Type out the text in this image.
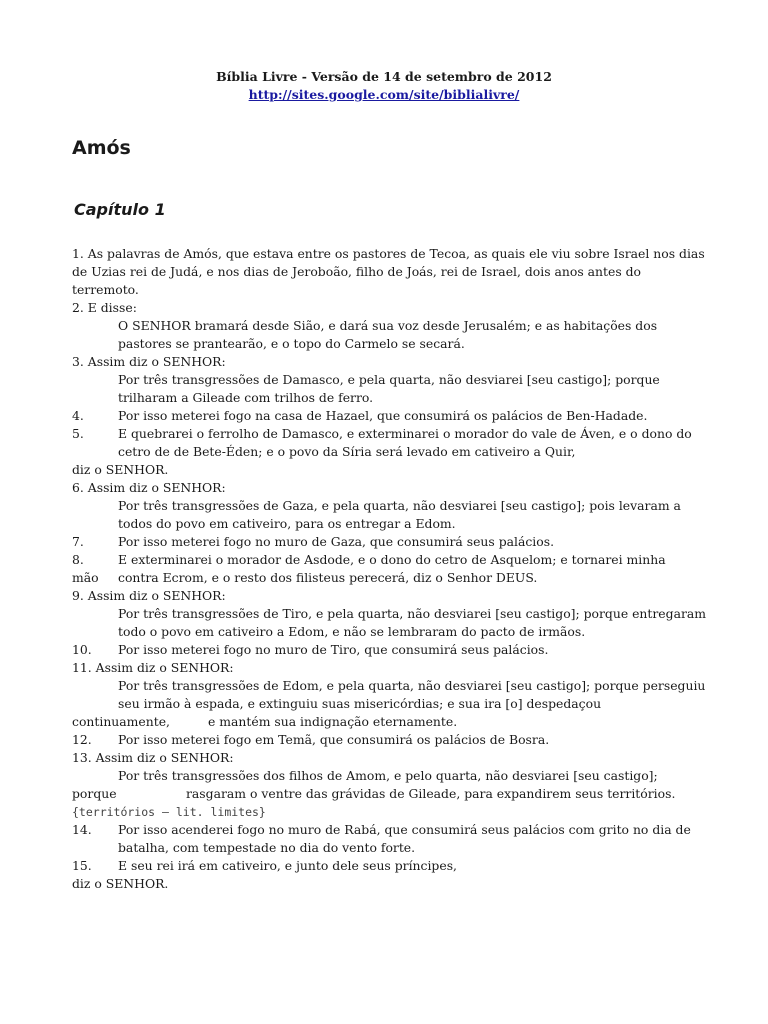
Bíblia Livre - Versão de 14 de setembro de 2012
http://sites.google.com/site/biblialivre/
Amós
Capítulo 1
1. As palavras de Amós, que estava entre os pastores de Tecoa, as quais ele viu sobre Israel nos dias
de Uzias rei de Judá, e nos dias de Jeroboão, filho de Joás, rei de Israel, dois anos antes do
terremoto.
2. E disse:
O SENHOR bramará desde Sião, e dará sua voz desde Jerusalém; e as habitações dos
pastores se prantearão, e o topo do Carmelo se secará.
3. Assim diz o SENHOR:
Por três transgressões de Damasco, e pela quarta, não desviarei [seu castigo]; porque
trilharam a Gileade com trilhos de ferro.
4.	Por isso meterei fogo na casa de Hazael, que consumirá os palácios de Ben-Hadade.
5.	E quebrarei o ferrolho de Damasco, e exterminarei o morador do vale de Áven, e o dono do
cetro de de Bete-Éden; e o povo da Síria será levado em cativeiro a Quir,
diz o SENHOR.
6. Assim diz o SENHOR:
Por três transgressões de Gaza, e pela quarta, não desviarei [seu castigo]; pois levaram a
todos do povo em cativeiro, para os entregar a Edom.
7.	Por isso meterei fogo no muro de Gaza, que consumirá seus palácios.
8.	E exterminarei o morador de Asdode, e o dono do cetro de Asquelom; e tornarei minha
mão contra Ecrom, e o resto dos filisteus perecerá, diz o Senhor DEUS.
9. Assim diz o SENHOR:
Por três transgressões de Tiro, e pela quarta, não desviarei [seu castigo]; porque entregaram
todo o povo em cativeiro a Edom, e não se lembraram do pacto de irmãos.
10. Por isso meterei fogo no muro de Tiro, que consumirá seus palácios.
11. Assim diz o SENHOR:
Por três transgressões de Edom, e pela quarta, não desviarei [seu castigo]; porque perseguiu
seu irmão à espada, e extinguiu suas misericórdias; e sua ira [o] despedaçou
continuamente,	e mantém sua indignação eternamente.
12. Por isso meterei fogo em Temã, que consumirá os palácios de Bosra.
13. Assim diz o SENHOR:
Por três transgressões dos filhos de Amom, e pelo quarta, não desviarei [seu castigo];
porque	rasgaram o ventre das grávidas de Gileade, para expandirem seus territórios.
{territórios – lit. limites}
14. Por isso acenderei fogo no muro de Rabá, que consumirá seus palácios com grito no dia de
batalha, com tempestade no dia do vento forte.
15. E seu rei irá em cativeiro, e junto dele seus príncipes,
diz o SENHOR.
